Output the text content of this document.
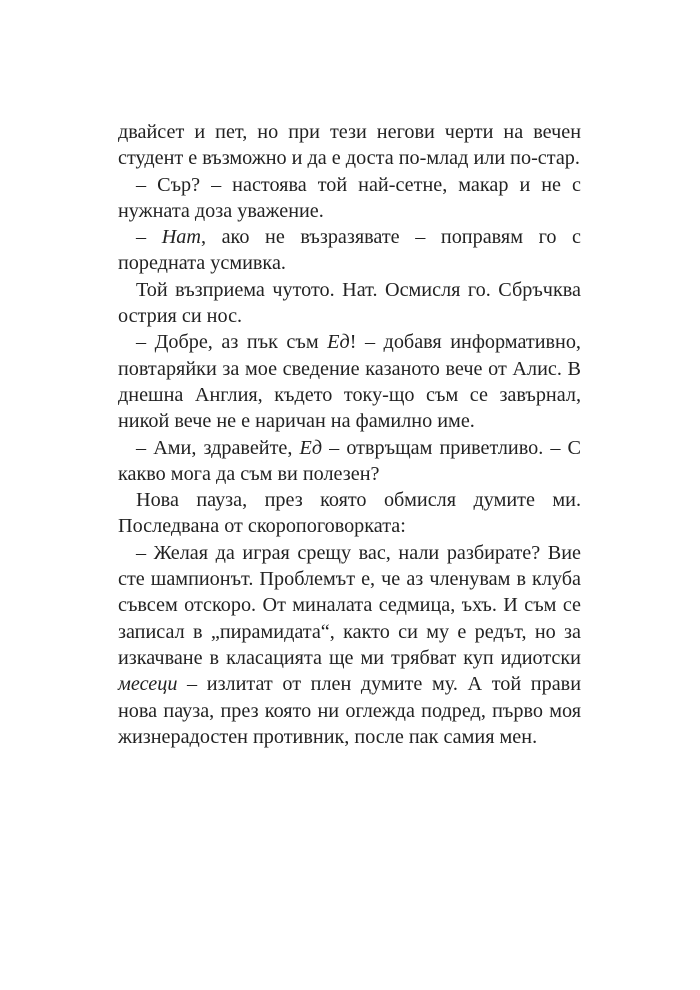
двайсет и пет, но при тези негови черти на вечен студент е възможно и да е доста по-млад или по-стар.

– Сър? – настоява той най-сетне, макар и не с нужната доза уважение.

– Нат, ако не възразявате – поправям го с поредната усмивка.

Той възприема чутото. Нат. Осмисля го. Сбръчква острия си нос.

– Добре, аз пък съм Ед! – добавя информативно, повтаряйки за мое сведение казаното вече от Алис. В днешна Англия, където току-що съм се завърнал, никой вече не е наричан на фамилно име.

– Ами, здравейте, Ед – отвръщам приветливо. – С какво мога да съм ви полезен?

Нова пауза, през която обмисля думите ми. Последвана от скоропоговорката:

– Желая да играя срещу вас, нали разбирате? Вие сте шампионът. Проблемът е, че аз членувам в клуба съвсем отскоро. От миналата седмица, ъхъ. И съм се записал в „пирамидата“, както си му е редът, но за изкачване в класацията ще ми трябват куп идиотски месеци – излитат от плен думите му. А той прави нова пауза, през която ни оглежда подред, първо моя жизнерадостен противник, после пак самия мен.
